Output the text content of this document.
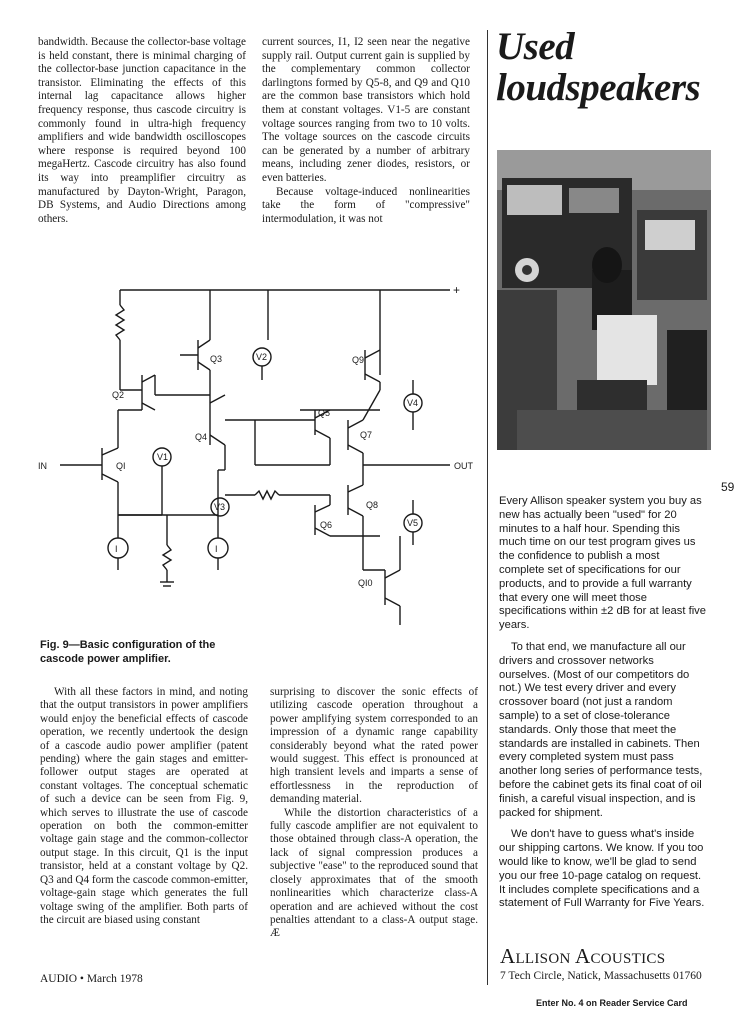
bandwidth. Because the collector-base voltage is held constant, there is minimal charging of the collector-base junction capacitance in the transistor. Eliminating the effects of this internal lag capacitance allows higher frequency response, thus cascode circuitry is commonly found in ultra-high frequency amplifiers and wide bandwidth oscilloscopes where response is required beyond 100 megaHertz. Cascode circuitry has also found its way into preamplifier circuitry as manufactured by Dayton-Wright, Paragon, DB Systems, and Audio Directions among others.

current sources, I1, I2 seen near the negative supply rail. Output current gain is supplied by the complementary common collector darlingtons formed by Q5-8, and Q9 and Q10 are the common base transistors which hold them at constant voltages. V1-5 are constant voltage sources ranging from two to 10 volts. The voltage sources on the cascode circuits can be generated by a number of arbitrary means, including zener diodes, resistors, or even batteries.

Because voltage-induced nonlinearities take the form of "compressive" intermodulation, it was not

Q3	V2
Q2
Q4
QI
V1
V3
Q9
V4
Q5
Q7
Q8
Q6	V5
QI0
IN	OUT
+
I	I

Fig. 9—Basic configuration of the cascode power amplifier.

With all these factors in mind, and noting that the output transistors in power amplifiers would enjoy the beneficial effects of cascode operation, we recently undertook the design of a cascode audio power amplifier (patent pending) where the gain stages and emitter-follower output stages are operated at constant voltages. The conceptual schematic of such a device can be seen from Fig. 9, which serves to illustrate the use of cascode operation on both the common-emitter voltage gain stage and the common-collector output stage. In this circuit, Q1 is the input transistor, held at a constant voltage by Q2. Q3 and Q4 form the cascode common-emitter, voltage-gain stage which generates the full voltage swing of the amplifier. Both parts of the circuit are biased using constant

surprising to discover the sonic effects of utilizing cascode operation throughout a power amplifying system corresponded to an impression of a dynamic range capability considerably beyond what the rated power would suggest. This effect is pronounced at high transient levels and imparts a sense of effortlessness in the reproduction of demanding material.

While the distortion characteristics of a fully cascode amplifier are not equivalent to those obtained through class-A operation, the lack of signal compression produces a subjective "ease" to the reproduced sound that closely approximates that of the smooth nonlinearities which characterize class-A operation and are achieved without the cost penalties attendant to a class-A output stage. Æ

AUDIO • March 1978
Used
loudspeakers
59

Every Allison speaker system you buy as new has actually been "used" for 20 minutes to a half hour. Spending this much time on our test program gives us the confidence to publish a most complete set of specifications for our products, and to provide a full warranty that every one will meet those specifications within ±2 dB for at least five years.

To that end, we manufacture all our drivers and crossover networks ourselves. (Most of our competitors do not.) We test every driver and every crossover board (not just a random sample) to a set of close-tolerance standards. Only those that meet the standards are installed in cabinets. Then every completed system must pass another long series of performance tests, before the cabinet gets its final coat of oil finish, a careful visual inspection, and is packed for shipment.

We don't have to guess what's inside our shipping cartons. We know. If you too would like to know, we'll be glad to send you our free 10-page catalog on request. It includes complete specifications and a statement of Full Warranty for Five Years.

Allison Acoustics
7 Tech Circle, Natick, Massachusetts 01760
Enter No. 4 on Reader Service Card
